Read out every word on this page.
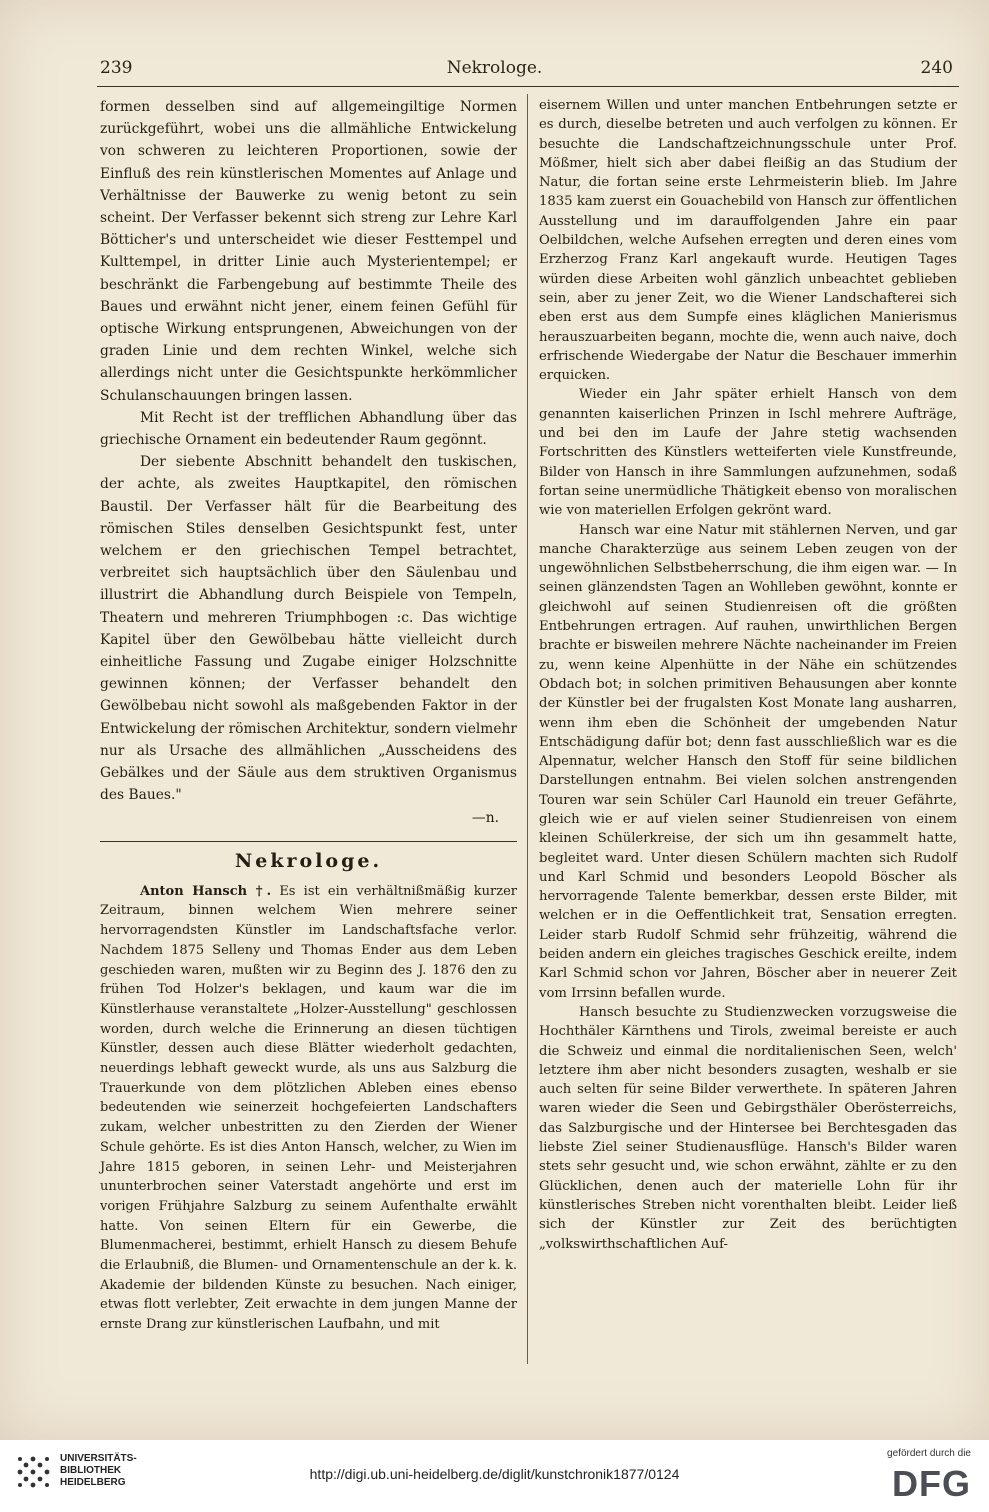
239	Nekrologe.	240

formen desselben sind auf allgemeingiltige Normen zurückgeführt, wobei uns die allmähliche Entwickelung von schweren zu leichteren Proportionen, sowie der Einfluß des rein künstlerischen Momentes auf Anlage und Verhältnisse der Bauwerke zu wenig betont zu sein scheint. Der Verfasser bekennt sich streng zur Lehre Karl Bötticher's und unterscheidet wie dieser Festtempel und Kulttempel, in dritter Linie auch Mysterientempel; er beschränkt die Farbengebung auf bestimmte Theile des Baues und erwähnt nicht jener, einem feinen Gefühl für optische Wirkung entsprungenen, Abweichungen von der graden Linie und dem rechten Winkel, welche sich allerdings nicht unter die Gesichtspunkte herkömmlicher Schulanschauungen bringen lassen.

Mit Recht ist der trefflichen Abhandlung über das griechische Ornament ein bedeutender Raum gegönnt.

Der siebente Abschnitt behandelt den tuskischen, der achte, als zweites Hauptkapitel, den römischen Baustil. Der Verfasser hält für die Bearbeitung des römischen Stiles denselben Gesichtspunkt fest, unter welchem er den griechischen Tempel betrachtet, verbreitet sich hauptsächlich über den Säulenbau und illustrirt die Abhandlung durch Beispiele von Tempeln, Theatern und mehreren Triumphbogen :c. Das wichtige Kapitel über den Gewölbebau hätte vielleicht durch einheitliche Fassung und Zugabe einiger Holzschnitte gewinnen können; der Verfasser behandelt den Gewölbebau nicht sowohl als maßgebenden Faktor in der Entwickelung der römischen Architektur, sondern vielmehr nur als Ursache des allmählichen „Ausscheidens des Gebälkes und der Säule aus dem struktiven Organismus des Baues."

—n.

Nekrologe.

Anton Hansch †. Es ist ein verhältnißmäßig kurzer Zeitraum, binnen welchem Wien mehrere seiner hervorragendsten Künstler im Landschaftsfache verlor. Nachdem 1875 Selleny und Thomas Ender aus dem Leben geschieden waren, mußten wir zu Beginn des J. 1876 den zu frühen Tod Holzer's beklagen, und kaum war die im Künstlerhause veranstaltete „Holzer-Ausstellung" geschlossen worden, durch welche die Erinnerung an diesen tüchtigen Künstler, dessen auch diese Blätter wiederholt gedachten, neuerdings lebhaft geweckt wurde, als uns aus Salzburg die Trauerkunde von dem plötzlichen Ableben eines ebenso bedeutenden wie seinerzeit hochgefeierten Landschafters zukam, welcher unbestritten zu den Zierden der Wiener Schule gehörte. Es ist dies Anton Hansch, welcher, zu Wien im Jahre 1815 geboren, in seinen Lehr- und Meisterjahren ununterbrochen seiner Vaterstadt angehörte und erst im vorigen Frühjahre Salzburg zu seinem Aufenthalte erwählt hatte. Von seinen Eltern für ein Gewerbe, die Blumenmacherei, bestimmt, erhielt Hansch zu diesem Behufe die Erlaubniß, die Blumen- und Ornamentenschule an der k. k. Akademie der bildenden Künste zu besuchen. Nach einiger, etwas flott verlebter, Zeit erwachte in dem jungen Manne der ernste Drang zur künstlerischen Laufbahn, und mit

eisernem Willen und unter manchen Entbehrungen setzte er es durch, dieselbe betreten und auch verfolgen zu können. Er besuchte die Landschaftzeichnungsschule unter Prof. Mößmer, hielt sich aber dabei fleißig an das Studium der Natur, die fortan seine erste Lehrmeisterin blieb. Im Jahre 1835 kam zuerst ein Gouachebild von Hansch zur öffentlichen Ausstellung und im darauffolgenden Jahre ein paar Oelbildchen, welche Aufsehen erregten und deren eines vom Erzherzog Franz Karl angekauft wurde. Heutigen Tages würden diese Arbeiten wohl gänzlich unbeachtet geblieben sein, aber zu jener Zeit, wo die Wiener Landschafterei sich eben erst aus dem Sumpfe eines kläglichen Manierismus herauszuarbeiten begann, mochte die, wenn auch naive, doch erfrischende Wiedergabe der Natur die Beschauer immerhin erquicken.

Wieder ein Jahr später erhielt Hansch von dem genannten kaiserlichen Prinzen in Ischl mehrere Aufträge, und bei den im Laufe der Jahre stetig wachsenden Fortschritten des Künstlers wetteiferten viele Kunstfreunde, Bilder von Hansch in ihre Sammlungen aufzunehmen, sodaß fortan seine unermüdliche Thätigkeit ebenso von moralischen wie von materiellen Erfolgen gekrönt ward.

Hansch war eine Natur mit stählernen Nerven, und gar manche Charakterzüge aus seinem Leben zeugen von der ungewöhnlichen Selbstbeherrschung, die ihm eigen war. — In seinen glänzendsten Tagen an Wohlleben gewöhnt, konnte er gleichwohl auf seinen Studienreisen oft die größten Entbehrungen ertragen. Auf rauhen, unwirthlichen Bergen brachte er bisweilen mehrere Nächte nacheinander im Freien zu, wenn keine Alpenhütte in der Nähe ein schützendes Obdach bot; in solchen primitiven Behausungen aber konnte der Künstler bei der frugalsten Kost Monate lang ausharren, wenn ihm eben die Schönheit der umgebenden Natur Entschädigung dafür bot; denn fast ausschließlich war es die Alpennatur, welcher Hansch den Stoff für seine bildlichen Darstellungen entnahm. Bei vielen solchen anstrengenden Touren war sein Schüler Carl Haunold ein treuer Gefährte, gleich wie er auf vielen seiner Studienreisen von einem kleinen Schülerkreise, der sich um ihn gesammelt hatte, begleitet ward. Unter diesen Schülern machten sich Rudolf und Karl Schmid und besonders Leopold Böscher als hervorragende Talente bemerkbar, dessen erste Bilder, mit welchen er in die Oeffentlichkeit trat, Sensation erregten. Leider starb Rudolf Schmid sehr frühzeitig, während die beiden andern ein gleiches tragisches Geschick ereilte, indem Karl Schmid schon vor Jahren, Böscher aber in neuerer Zeit vom Irrsinn befallen wurde.

Hansch besuchte zu Studienzwecken vorzugsweise die Hochthäler Kärnthens und Tirols, zweimal bereiste er auch die Schweiz und einmal die norditalienischen Seen, welch' letztere ihm aber nicht besonders zusagten, weshalb er sie auch selten für seine Bilder verwerthete. In späteren Jahren waren wieder die Seen und Gebirgsthäler Oberösterreichs, das Salzburgische und der Hintersee bei Berchtesgaden das liebste Ziel seiner Studienausflüge. Hansch's Bilder waren stets sehr gesucht und, wie schon erwähnt, zählte er zu den Glücklichen, denen auch der materielle Lohn für ihr künstlerisches Streben nicht vorenthalten bleibt. Leider ließ sich der Künstler zur Zeit des berüchtigten „volkswirthschaftlichen Auf-

UNIVERSITÄTS-
BIBLIOTHEK
HEIDELBERG
http://digi.ub.uni-heidelberg.de/diglit/kunstchronik1877/0124
gefördert durch die
DFG
